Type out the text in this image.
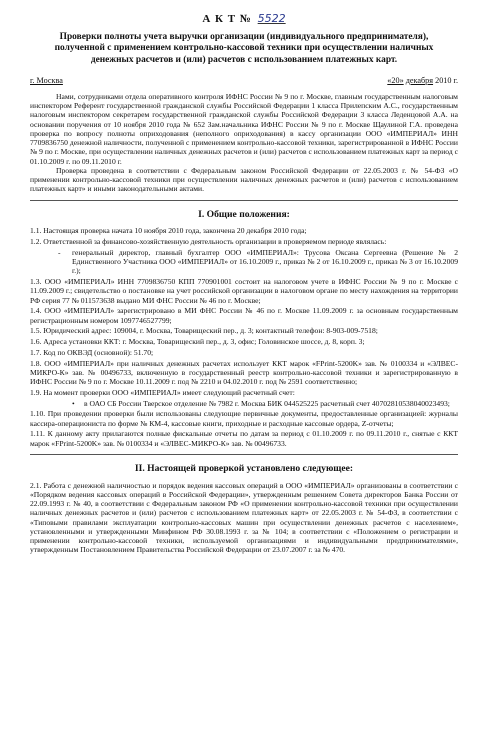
А К Т № 5522
Проверки полноты учета выручки организации (индивидуального предпринимателя), полученной с применением контрольно-кассовой техники при осуществлении наличных денежных расчетов и (или) расчетов с использованием платежных карт.
г. Москва	«20» декабря 2010 г.

Нами, сотрудниками отдела оперативного контроля ИФНС России № 9 по г. Москве, главным государственным налоговым инспектором Референт государственной гражданской службы Российской Федерации 1 класса Прилепским А.С., государственным налоговым инспектором секретарем государственной гражданской службы Российской Федерации 3 класса Леденцовой А.А. на основании поручения от 10 ноября 2010 года № 652 Зам.начальника ИФНС России № 9 по г. Москве Щаулиной Г.А. проведена проверка по вопросу полноты оприходования (неполного оприходования) в кассу организации ООО «ИМПЕРИАЛ» ИНН 7709836750 денежной наличности, полученной с применением контрольно-кассовой техники, зарегистрированной в ИФНС России № 9 по г. Москве, при осуществлении наличных денежных расчетов и (или) расчетов с использованием платежных карт за период с 01.10.2009 г. по 09.11.2010 г.

Проверка проведена в соответствии с Федеральным законом Российской Федерации от 22.05.2003 г. № 54-ФЗ «О применении контрольно-кассовой техники при осуществлении наличных денежных расчетов и (или) расчетов с использованием платежных карт» и иными законодательными актами.

I. Общие положения:

1.1. Настоящая проверка начата 10 ноября 2010 года, закончена 20 декабря 2010 года;

1.2. Ответственной за финансово-хозяйственную деятельность организации в проверяемом периоде являлась:

- генеральный директор, главный бухгалтер ООО «ИМПЕРИАЛ»: Трусова Оксана Сергеевна (Решение № 2 Единственного Участника ООО «ИМПЕРИАЛ» от 16.10.2009 г., приказ № 2 от 16.10.2009 г., приказ № 3 от 16.10.2009 г.);

1.3. ООО «ИМПЕРИАЛ» ИНН 7709836750 КПП 770901001 состоит на налоговом учете в ИФНС России № 9 по г. Москве с 11.09.2009 г.; свидетельство о постановке на учет российской организации в налоговом органе по месту нахождения на территории РФ серия 77 № 011573638 выдано МИ ФНС России № 46 по г. Москве;

1.4. ООО «ИМПЕРИАЛ» зарегистрировано в МИ ФНС России № 46 по г. Москве 11.09.2009 г. за основным государственным регистрационным номером 1097746527799;

1.5. Юридический адрес: 109004, г. Москва, Товарищеский пер., д. 3; контактный телефон: 8-903-009-7518;

1.6. Адреса установки ККТ: г. Москва, Товарищеский пер., д. 3, офис; Головинское шоссе, д. 8, корп. 3;

1.7. Код по ОКВЭД (основной): 51.70;

1.8. ООО «ИМПЕРИАЛ» при наличных денежных расчетах использует ККТ марок «FPrint-5200K» зав. № 0100334 и «ЭЛВЕС-МИКРО-К» зав. № 00496733, включенную в государственный реестр контрольно-кассовой техники и зарегистрированную в ИФНС России № 9 по г. Москве 10.11.2009 г. под № 2210 и 04.02.2010 г. под № 2591 соответственно;

1.9. На момент проверки ООО «ИМПЕРИАЛ» имеет следующий расчетный счет:

• в ОАО СБ России Тверское отделение № 7982 г. Москва БИК 044525225 расчетный счет 40702810538040023493;

1.10. При проведении проверки были использованы следующие первичные документы, предоставленные организацией: журналы кассира-операциониста по форме № КМ-4, кассовые книги, приходные и расходные кассовые ордера, Z-отчеты;

1.11. К данному акту прилагаются полные фискальные отчеты по датам за период с 01.10.2009 г. по 09.11.2010 г., снятые с ККТ марок «FPrint-5200K» зав. № 0100334 и «ЭЛВЕС-МИКРО-К» зав. № 00496733.

II. Настоящей проверкой установлено следующее:

2.1. Работа с денежной наличностью и порядок ведения кассовых операций в ООО «ИМПЕРИАЛ» организованы в соответствии с «Порядком ведения кассовых операций в Российской Федерации», утвержденным решением Совета директоров Банка России от 22.09.1993 г. № 40, в соответствии с Федеральным законом РФ «О применении контрольно-кассовой техники при осуществлении наличных денежных расчетов и (или) расчетов с использованием платежных карт» от 22.05.2003 г. № 54-ФЗ, в соответствии с «Типовыми правилами эксплуатации контрольно-кассовых машин при осуществлении денежных расчетов с населением», установленными и утвержденными Минфином РФ 30.08.1993 г. за № 104; в соответствии с «Положением о регистрации и применении контрольно-кассовой техники, используемой организациями и индивидуальными предпринимателями», утвержденным Постановлением Правительства Российской Федерации от 23.07.2007 г. за № 470.
